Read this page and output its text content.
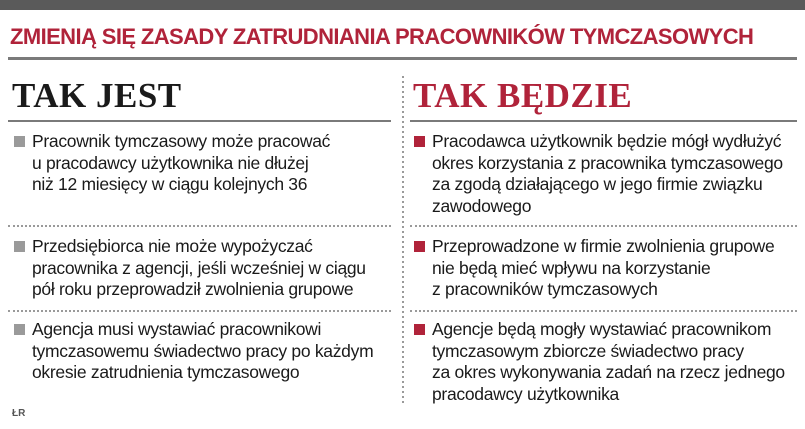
ZMIENIĄ SIĘ ZASADY ZATRUDNIANIA PRACOWNIKÓW TYMCZASOWYCH
TAK JEST	TAK BĘDZIE
Pracownik tymczasowy może pracować
u pracodawcy użytkownika nie dłużej
niż 12 miesięcy w ciągu kolejnych 36
Przedsiębiorca nie może wypożyczać
pracownika z agencji, jeśli wcześniej w ciągu
pół roku przeprowadził zwolnienia grupowe
Agencja musi wystawiać pracownikowi
tymczasowemu świadectwo pracy po każdym
okresie zatrudnienia tymczasowego
Pracodawca użytkownik będzie mógł wydłużyć
okres korzystania z pracownika tymczasowego
za zgodą działającego w jego firmie związku
zawodowego
Przeprowadzone w firmie zwolnienia grupowe
nie będą mieć wpływu na korzystanie
z pracowników tymczasowych
Agencje będą mogły wystawiać pracownikom
tymczasowym zbiorcze świadectwo pracy
za okres wykonywania zadań na rzecz jednego
pracodawcy użytkownika
ŁR
